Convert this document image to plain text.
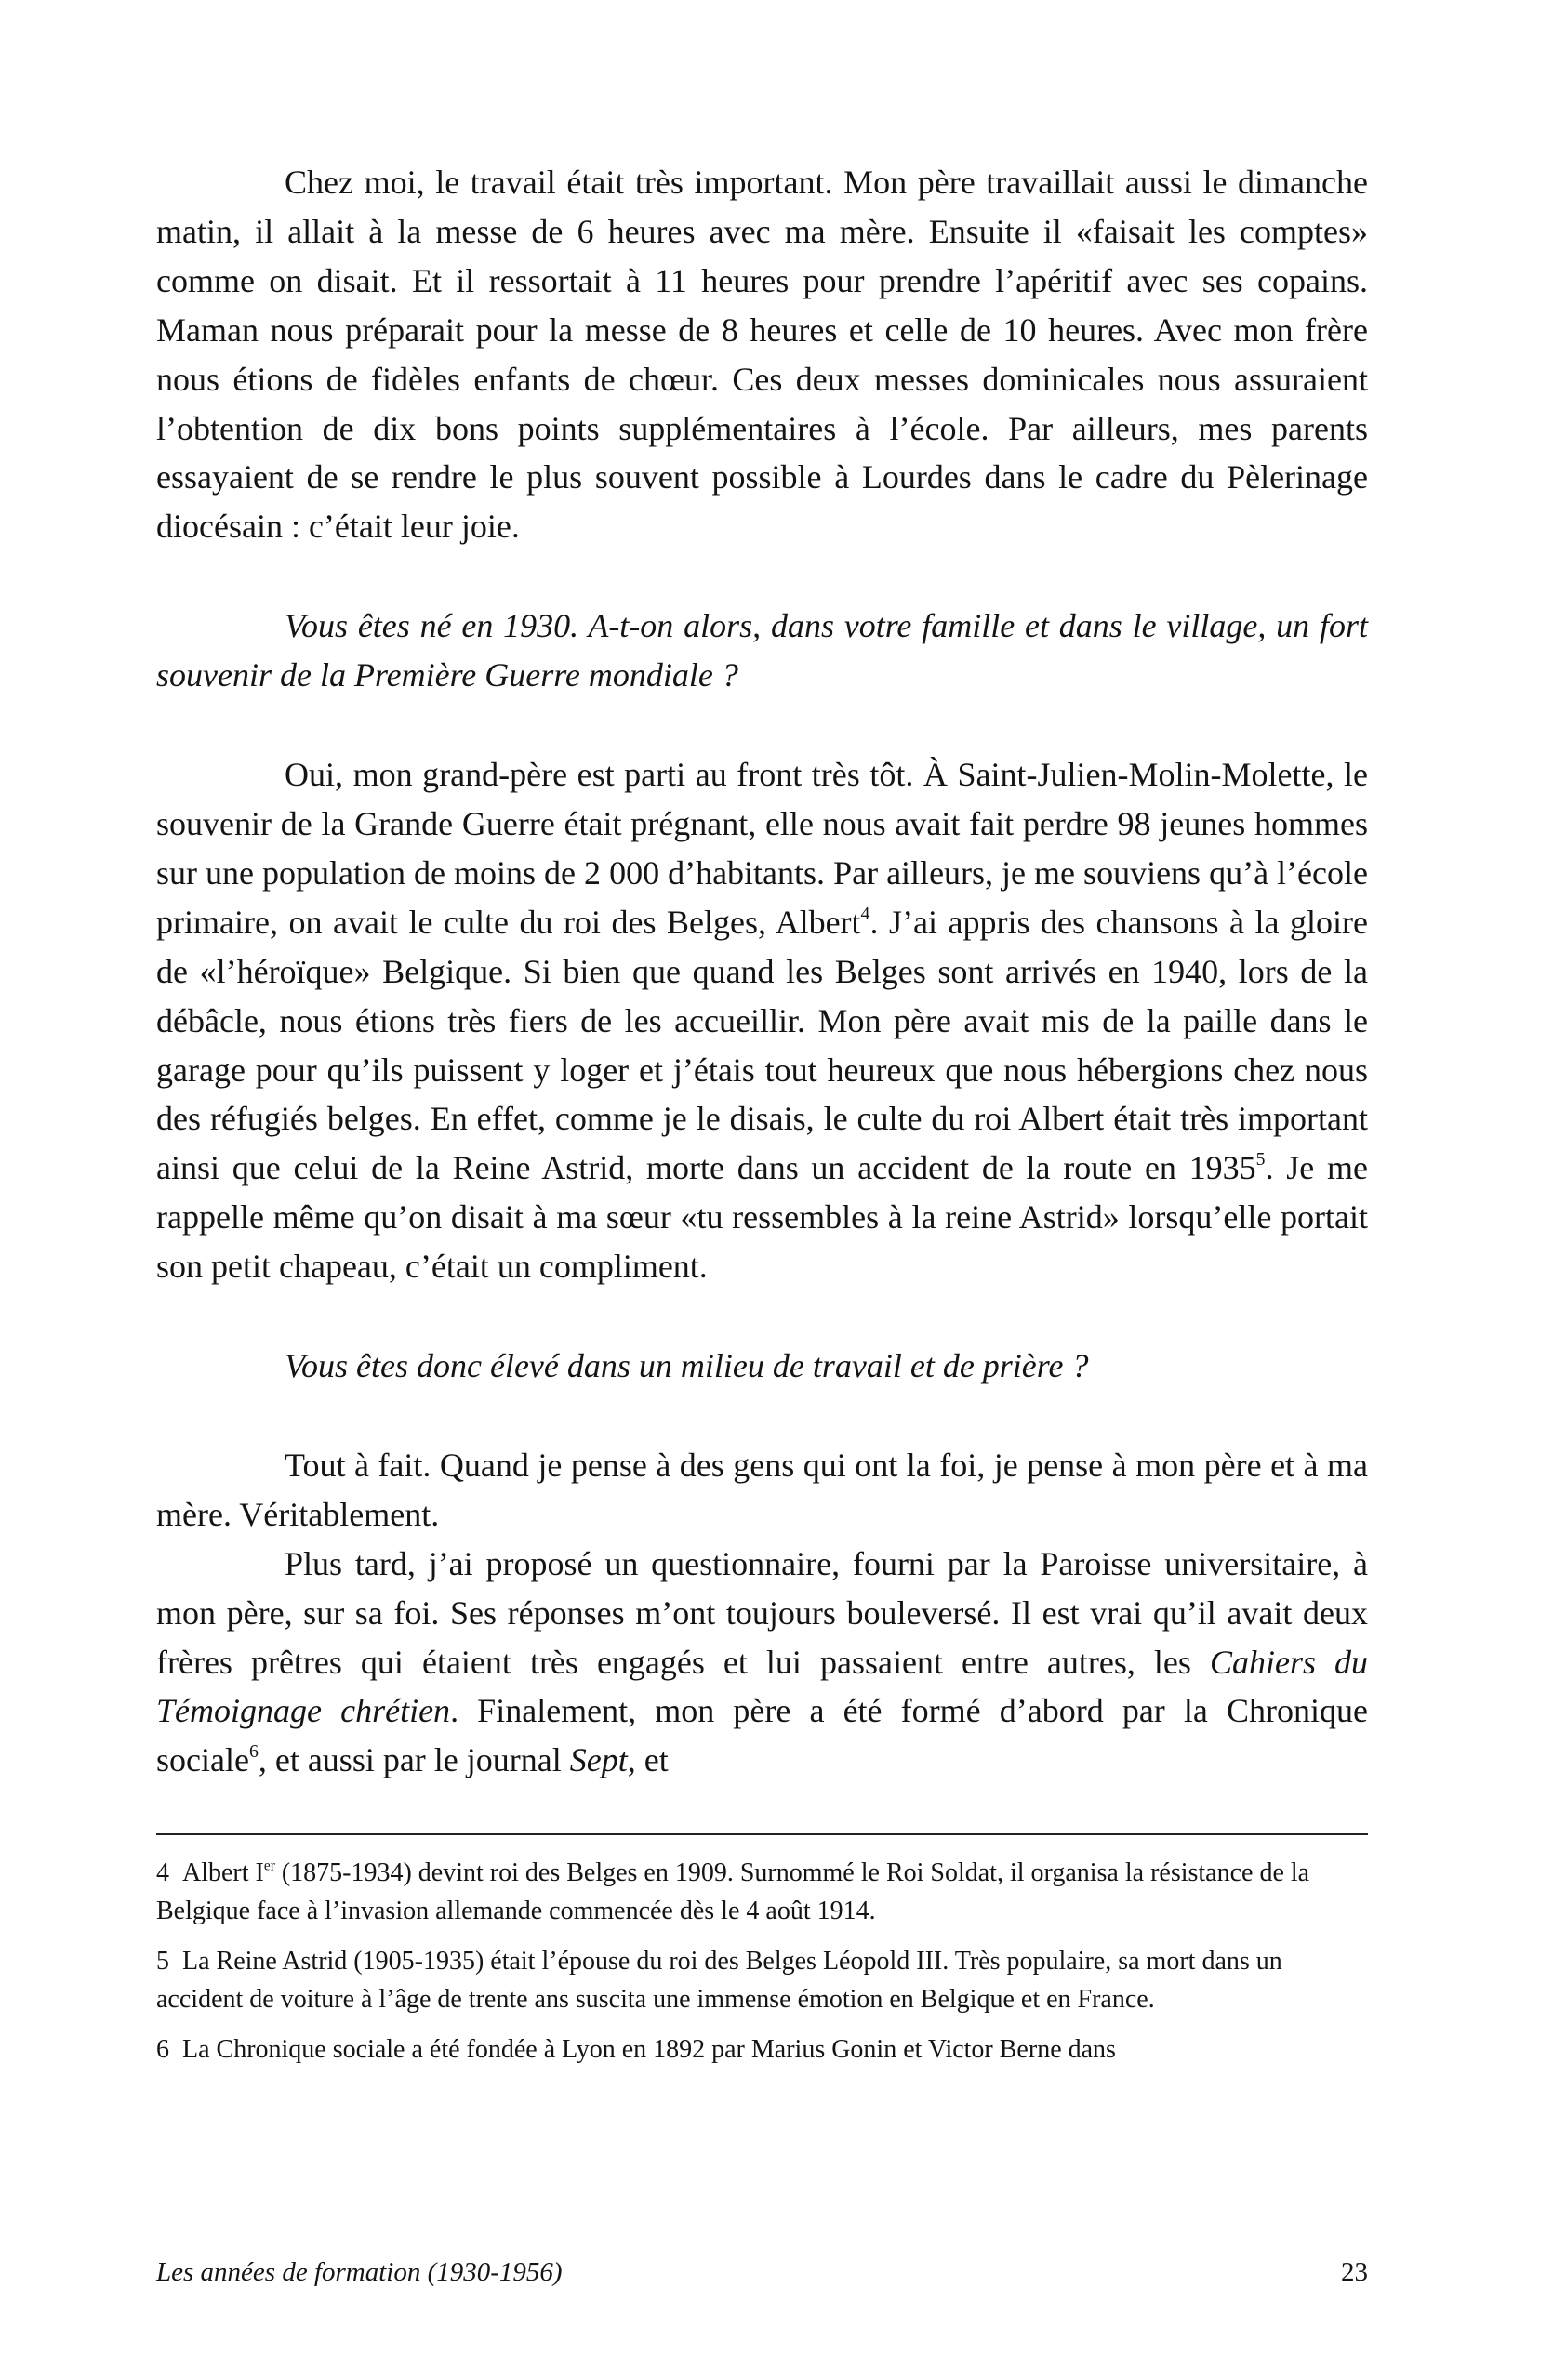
Chez moi, le travail était très important. Mon père travaillait aussi le dimanche matin, il allait à la messe de 6 heures avec ma mère. Ensuite il «faisait les comptes» comme on disait. Et il ressortait à 11 heures pour prendre l’apéritif avec ses copains. Maman nous préparait pour la messe de 8 heures et celle de 10 heures. Avec mon frère nous étions de fidèles enfants de chœur. Ces deux messes dominicales nous assuraient l’obtention de dix bons points supplémentaires à l’école. Par ailleurs, mes parents essayaient de se rendre le plus souvent possible à Lourdes dans le cadre du Pèlerinage diocésain : c’était leur joie.

Vous êtes né en 1930. A-t-on alors, dans votre famille et dans le village, un fort souvenir de la Première Guerre mondiale ?

Oui, mon grand-père est parti au front très tôt. À Saint-Julien-Molin-Molette, le souvenir de la Grande Guerre était prégnant, elle nous avait fait perdre 98 jeunes hommes sur une population de moins de 2 000 d’habitants. Par ailleurs, je me souviens qu’à l’école primaire, on avait le culte du roi des Belges, Albert$^4$. J’ai appris des chansons à la gloire de «l’héroïque» Belgique. Si bien que quand les Belges sont arrivés en 1940, lors de la débâcle, nous étions très fiers de les accueillir. Mon père avait mis de la paille dans le garage pour qu’ils puissent y loger et j’étais tout heureux que nous hébergions chez nous des réfugiés belges. En effet, comme je le disais, le culte du roi Albert était très important ainsi que celui de la Reine Astrid, morte dans un accident de la route en 1935$^5$. Je me rappelle même qu’on disait à ma sœur «tu ressembles à la reine Astrid» lorsqu’elle portait son petit chapeau, c’était un compliment.

Vous êtes donc élevé dans un milieu de travail et de prière ?

Tout à fait. Quand je pense à des gens qui ont la foi, je pense à mon père et à ma mère. Véritablement.

Plus tard, j’ai proposé un questionnaire, fourni par la Paroisse universitaire, à mon père, sur sa foi. Ses réponses m’ont toujours bouleversé. Il est vrai qu’il avait deux frères prêtres qui étaient très engagés et lui passaient entre autres, les Cahiers du Témoignage chrétien. Finalement, mon père a été formé d’abord par la Chronique sociale$^6$, et aussi par le journal Sept, et

4 Albert Ier (1875-1934) devint roi des Belges en 1909. Surnommé le Roi Soldat, il organisa la résistance de la Belgique face à l’invasion allemande commencée dès le 4 août 1914.

5 La Reine Astrid (1905-1935) était l’épouse du roi des Belges Léopold III. Très populaire, sa mort dans un accident de voiture à l’âge de trente ans suscita une immense émotion en Belgique et en France.

6 La Chronique sociale a été fondée à Lyon en 1892 par Marius Gonin et Victor Berne dans

Les années de formation (1930-1956)	23
